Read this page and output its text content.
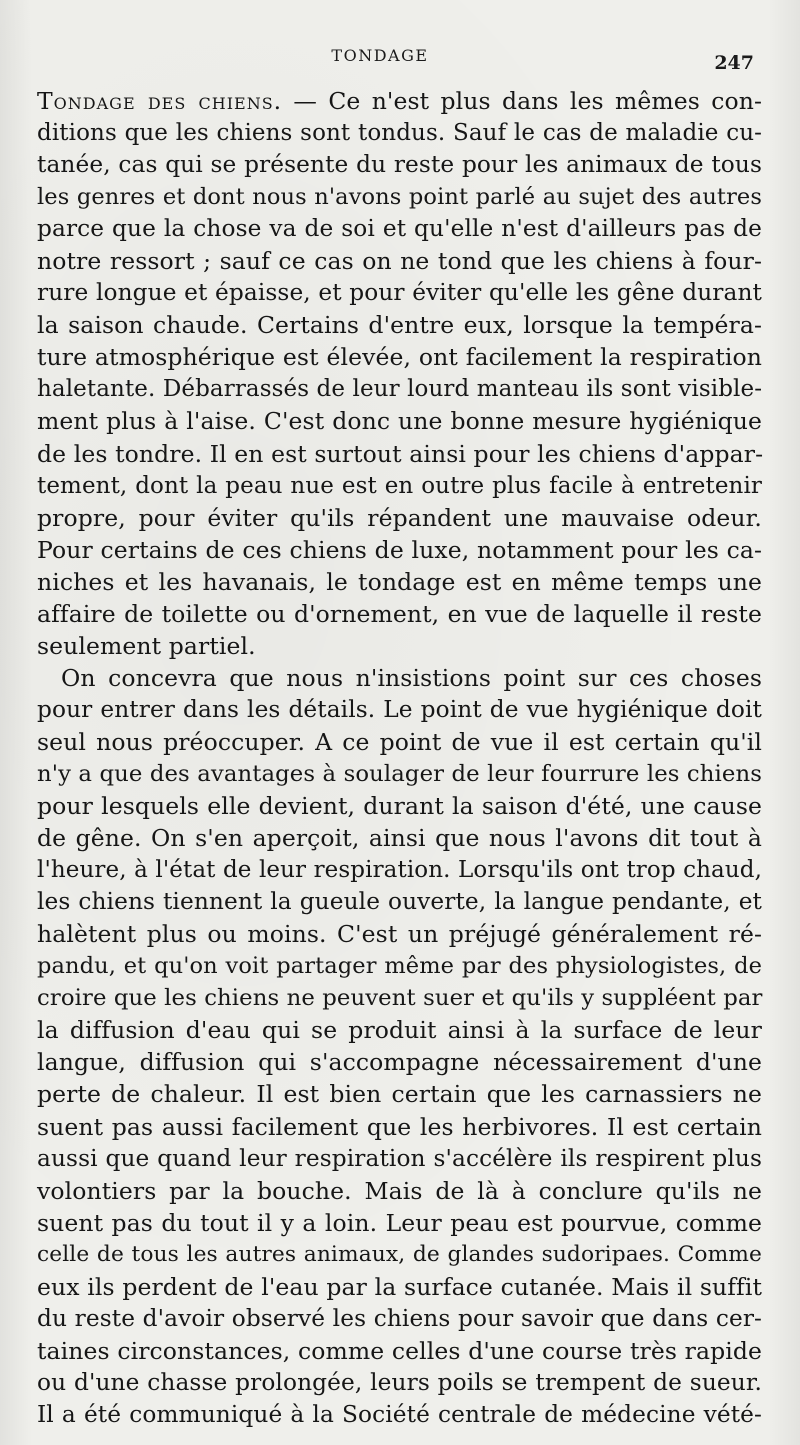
TONDAGE	247
Tondage des chiens. — Ce n'est plus dans les mêmes con-
ditions que les chiens sont tondus. Sauf le cas de maladie cu-
tanée, cas qui se présente du reste pour les animaux de tous
les genres et dont nous n'avons point parlé au sujet des autres
parce que la chose va de soi et qu'elle n'est d'ailleurs pas de
notre ressort ; sauf ce cas on ne tond que les chiens à four-
rure longue et épaisse, et pour éviter qu'elle les gêne durant
la saison chaude. Certains d'entre eux, lorsque la tempéra-
ture atmosphérique est élevée, ont facilement la respiration
haletante. Débarrassés de leur lourd manteau ils sont visible-
ment plus à l'aise. C'est donc une bonne mesure hygiénique
de les tondre. Il en est surtout ainsi pour les chiens d'appar-
tement, dont la peau nue est en outre plus facile à entretenir
propre, pour éviter qu'ils répandent une mauvaise odeur.
Pour certains de ces chiens de luxe, notamment pour les ca-
niches et les havanais, le tondage est en même temps une
affaire de toilette ou d'ornement, en vue de laquelle il reste
seulement partiel.
On concevra que nous n'insistions point sur ces choses
pour entrer dans les détails. Le point de vue hygiénique doit
seul nous préoccuper. A ce point de vue il est certain qu'il
n'y a que des avantages à soulager de leur fourrure les chiens
pour lesquels elle devient, durant la saison d'été, une cause
de gêne. On s'en aperçoit, ainsi que nous l'avons dit tout à
l'heure, à l'état de leur respiration. Lorsqu'ils ont trop chaud,
les chiens tiennent la gueule ouverte, la langue pendante, et
halètent plus ou moins. C'est un préjugé généralement ré-
pandu, et qu'on voit partager même par des physiologistes, de
croire que les chiens ne peuvent suer et qu'ils y suppléent par
la diffusion d'eau qui se produit ainsi à la surface de leur
langue, diffusion qui s'accompagne nécessairement d'une
perte de chaleur. Il est bien certain que les carnassiers ne
suent pas aussi facilement que les herbivores. Il est certain
aussi que quand leur respiration s'accélère ils respirent plus
volontiers par la bouche. Mais de là à conclure qu'ils ne
suent pas du tout il y a loin. Leur peau est pourvue, comme
celle de tous les autres animaux, de glandes sudoripaes. Comme
eux ils perdent de l'eau par la surface cutanée. Mais il suffit
du reste d'avoir observé les chiens pour savoir que dans cer-
taines circonstances, comme celles d'une course très rapide
ou d'une chasse prolongée, leurs poils se trempent de sueur.
Il a été communiqué à la Société centrale de médecine vété-
